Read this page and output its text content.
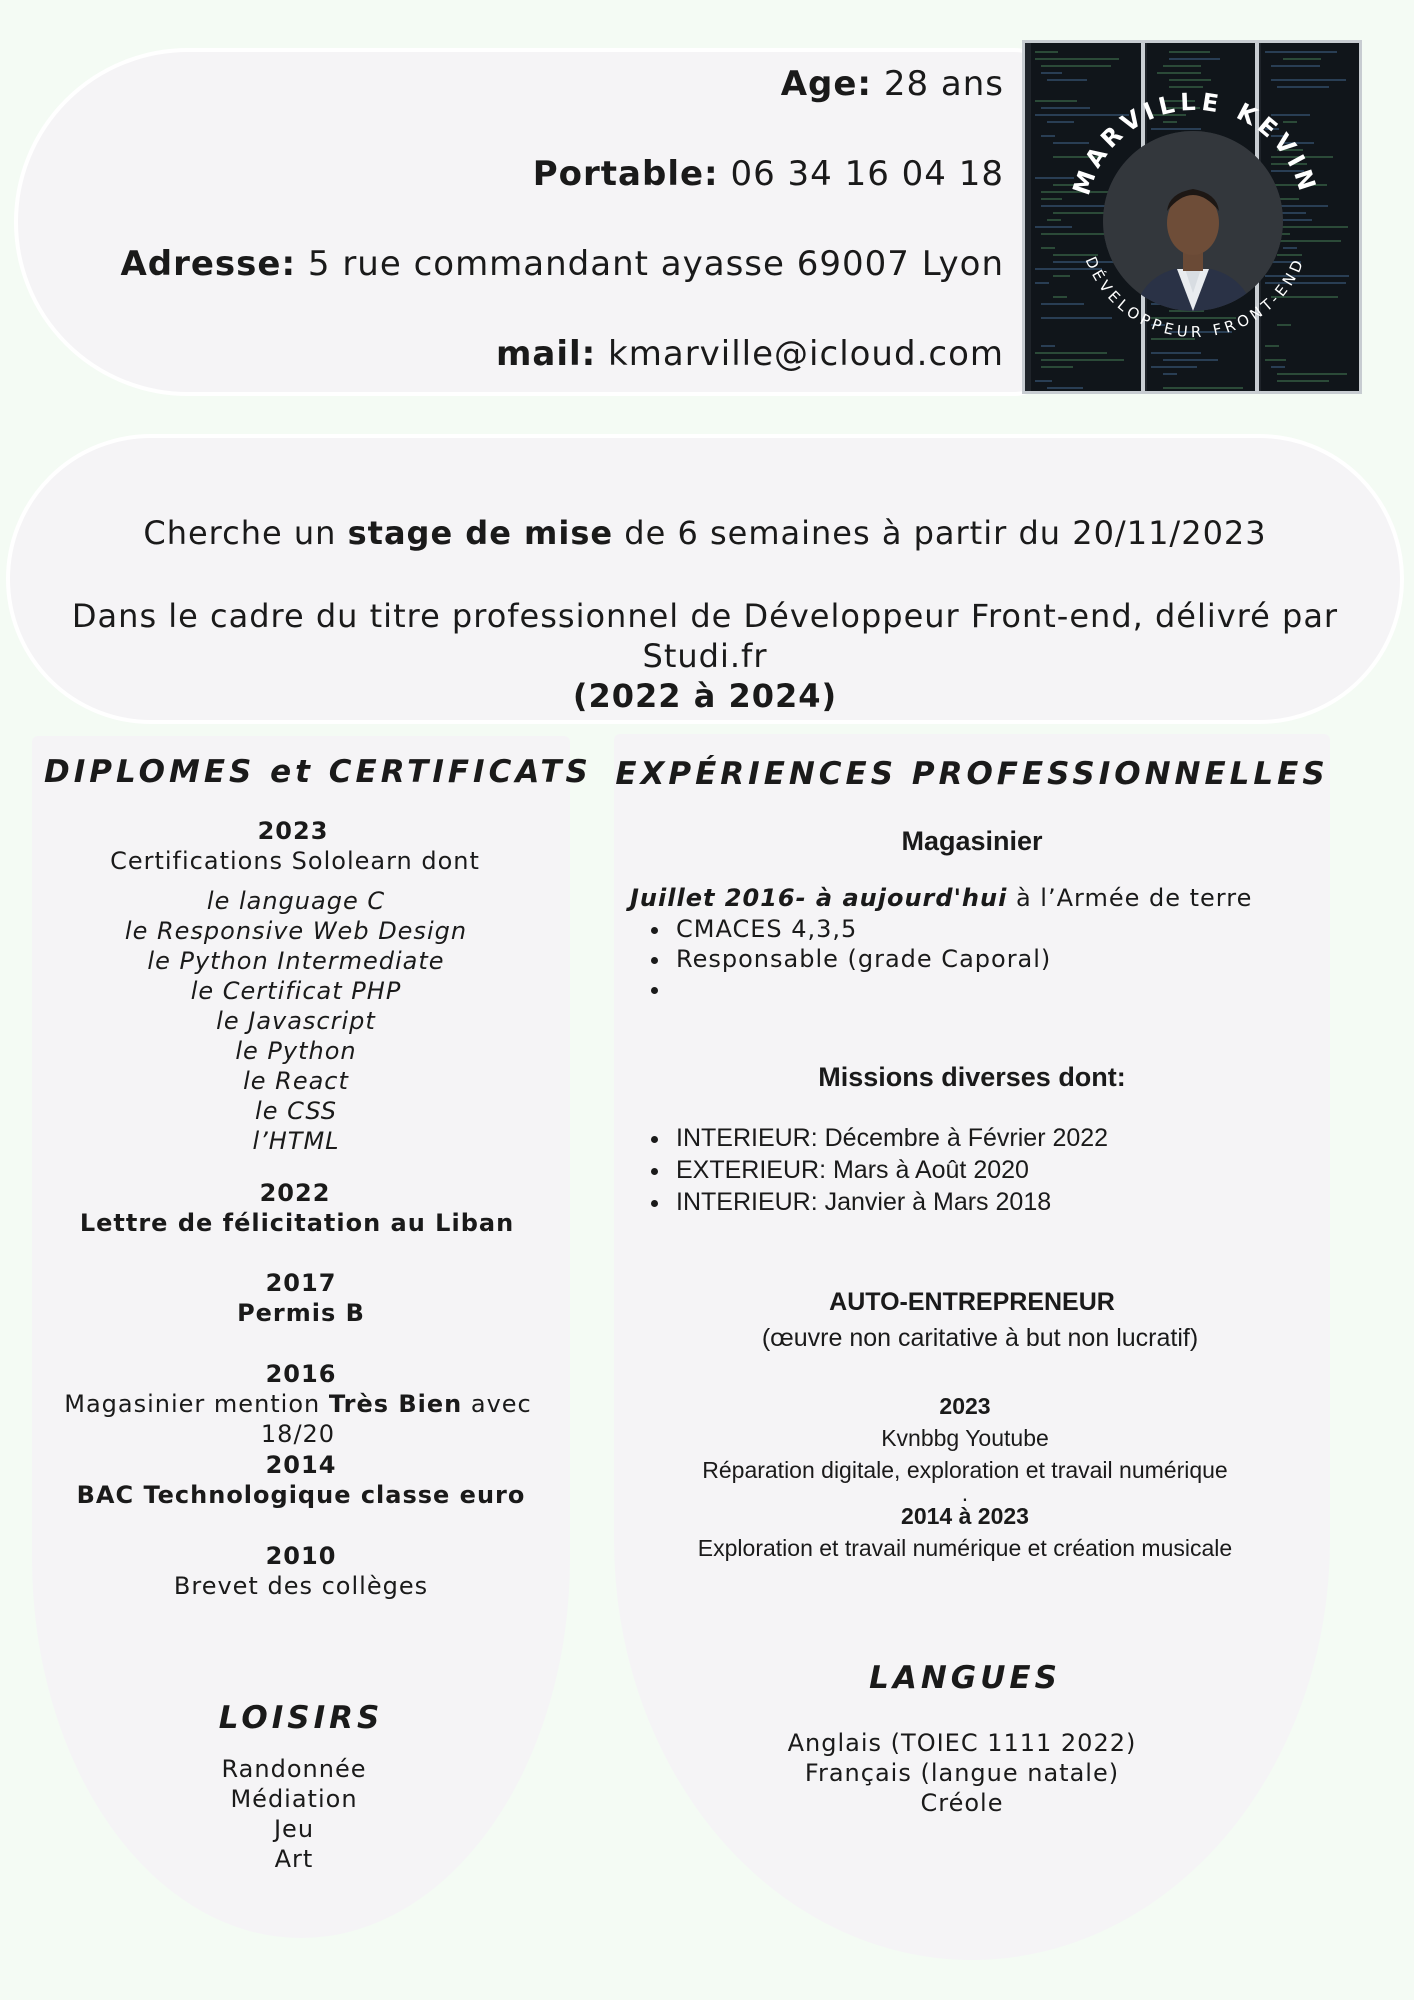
Age: 28 ans

Portable: 06 34 16 04 18

Adresse: 5 rue commandant ayasse 69007 Lyon

mail: kmarville@icloud.com

MARVILLE KEVIN
DÉVELOPPEUR FRONT-END

Cherche un stage de mise de 6 semaines à partir du 20/11/2023

Dans le cadre du titre professionnel de Développeur Front-end, délivré par Studi.fr
(2022 à 2024)

DIPLOMES et CERTIFICATS
2023
Certifications Sololearn dont
le language C
le Responsive Web Design
le Python Intermediate
le Certificat PHP
le Javascript
le Python
le React
le CSS
l’HTML
2022
Lettre de félicitation au Liban
2017
Permis B
2016
Magasinier mention Très Bien avec 18/20
2014
BAC Technologique classe euro
2010
Brevet des collèges
LOISIRS
Randonnée
Médiation
Jeu
Art
EXPÉRIENCES PROFESSIONNELLES
Magasinier
Juillet 2016- à aujourd'hui à l’Armée de terre
• CMACES 4,3,5
• Responsable (grade Caporal)
•
Missions diverses dont:
• INTERIEUR: Décembre à Février 2022
• EXTERIEUR: Mars à Août 2020
• INTERIEUR: Janvier à Mars 2018
AUTO-ENTREPRENEUR
(œuvre non caritative à but non lucratif)
2023
Kvnbbg Youtube
Réparation digitale, exploration et travail numérique
.
2014 à 2023
Exploration et travail numérique et création musicale
LANGUES
Anglais (TOIEC 1111 2022)
Français (langue natale)
Créole
